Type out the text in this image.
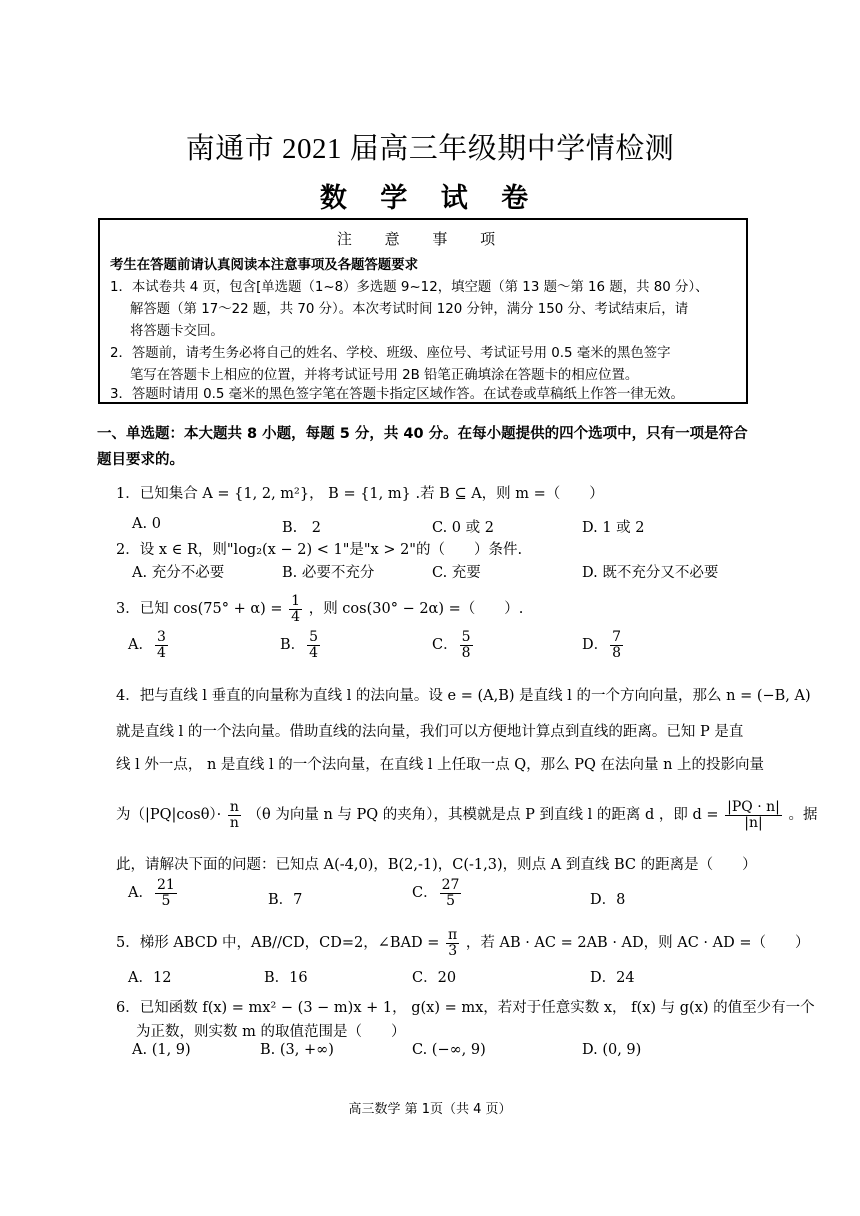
南通市 2021 届高三年级期中学情检测
数 学 试 卷
注 意 事 项
考生在答题前请认真阅读本注意事项及各题答题要求
1．本试卷共 4 页，包含[单选题（1~8）多选题 9~12，填空题（第 13 题～第 16 题，共 80 分）、
解答题（第 17～22 题，共 70 分）。本次考试时间 120 分钟，满分 150 分、考试结束后，请
将答题卡交回。
2．答题前，请考生务必将自己的姓名、学校、班级、座位号、考试证号用 0.5 毫米的黑色签字
笔写在答题卡上相应的位置，并将考试证号用 2B 铅笔正确填涂在答题卡的相应位置。
3．答题时请用 0.5 毫米的黑色签字笔在答题卡指定区域作答。在试卷或草稿纸上作答一律无效。
一、单选题：本大题共 8 小题，每题 5 分，共 40 分。在每小题提供的四个选项中，只有一项是符合
题目要求的。
1．已知集合 A = {1, 2, m²}， B = {1, m} .若 B ⊆ A，则 m =（　　）
A. 0	B.　2	C. 0 或 2	D. 1 或 2
2．设 x ∈ R，则"log₂(x − 2) < 1"是"x > 2"的（　　）条件.
A. 充分不必要	B. 必要不充分	C. 充要	D. 既不充分又不必要
3．已知 $\cos(75^\circ + \alpha) = \frac{1}{4}$ ，则 cos(30° − 2α) =（　　）.
A． $\frac{3}{4}$	B． $\frac{5}{4}$	C． $\frac{5}{8}$	D． $\frac{7}{8}$
4．把与直线 l 垂直的向量称为直线 l 的法向量。设 e = (A,B) 是直线 l 的一个方向向量，那么 n = (−B, A)
就是直线 l 的一个法向量。借助直线的法向量，我们可以方便地计算点到直线的距离。已知 P 是直
线 l 外一点， n 是直线 l 的一个法向量，在直线 l 上任取一点 Q，那么 PQ 在法向量 n 上的投影向量
为$(|PQ|\cos\theta)\cdot \frac{n}{n} (\theta$ 为向量 n 与 PQ 的夹角），其模就是点 P 到直线 l 的距离 d ，即 $d = \frac{|PQ \cdot n|}{|n|}$ 。据
此，请解决下面的问题：已知点 A(-4,0)，B(2,-1)，C(-1,3)，则点 A 到直线 BC 的距离是（　　）
A． $\frac{21}{5}$	B．7	C． $\frac{27}{5}$	D．8
5．梯形 ABCD 中，AB//CD，CD=2，∠BAD = $\frac{\pi}{3}$ ，若 AB · AC = 2AB · AD，则 AC · AD =（　　）
A．12	B．16	C．20	D．24
6．已知函数 f(x) = mx² − (3 − m)x + 1， g(x) = mx，若对于任意实数 x， f(x) 与 g(x) 的值至少有一个
为正数，则实数 m 的取值范围是（　　）
A. (1, 9)	B. (3, +∞)	C. (−∞, 9)	D. (0, 9)
高三数学 第 1页（共 4 页）
